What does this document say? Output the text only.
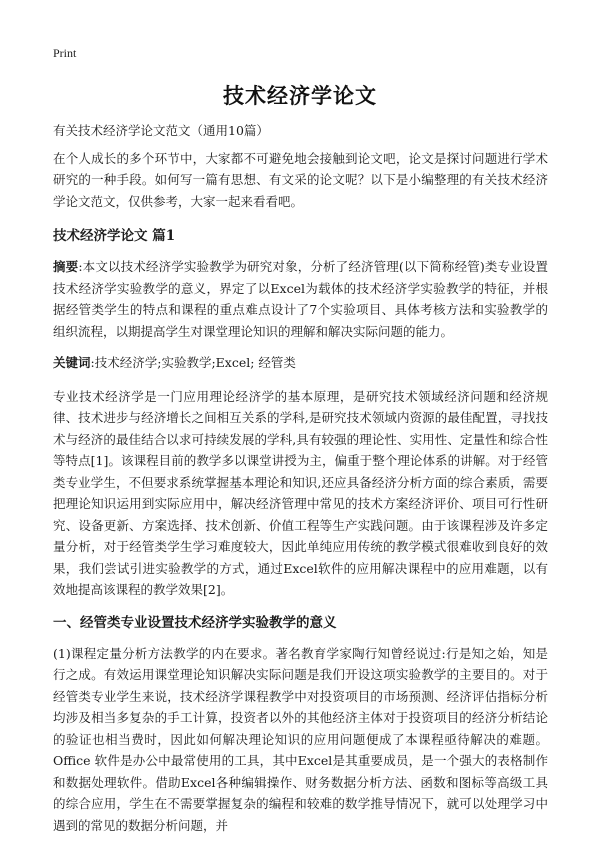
Print
技术经济学论文

有关技术经济学论文范文（通用10篇）

在个人成长的多个环节中，大家都不可避免地会接触到论文吧，论文是探讨问题进行学术研究的一种手段。如何写一篇有思想、有文采的论文呢？以下是小编整理的有关技术经济学论文范文，仅供参考，大家一起来看看吧。

技术经济学论文 篇1

摘要:本文以技术经济学实验教学为研究对象，分析了经济管理(以下简称经管)类专业设置技术经济学实验教学的意义，界定了以Excel为载体的技术经济学实验教学的特征，并根据经管类学生的特点和课程的重点难点设计了7个实验项目、具体考核方法和实验教学的组织流程，以期提高学生对课堂理论知识的理解和解决实际问题的能力。

关键词:技术经济学;实验教学;Excel; 经管类

专业技术经济学是一门应用理论经济学的基本原理，是研究技术领域经济问题和经济规律、技术进步与经济增长之间相互关系的学科,是研究技术领域内资源的最佳配置，寻找技术与经济的最佳结合以求可持续发展的学科,具有较强的理论性、实用性、定量性和综合性等特点[1]。该课程目前的教学多以课堂讲授为主，偏重于整个理论体系的讲解。对于经管类专业学生，不但要求系统掌握基本理论和知识,还应具备经济分析方面的综合素质，需要把理论知识运用到实际应用中，解决经济管理中常见的技术方案经济评价、项目可行性研究、设备更新、方案选择、技术创新、价值工程等生产实践问题。由于该课程涉及许多定量分析，对于经管类学生学习难度较大，因此单纯应用传统的教学模式很难收到良好的效果，我们尝试引进实验教学的方式，通过Excel软件的应用解决课程中的应用难题，以有效地提高该课程的教学效果[2]。

一、经管类专业设置技术经济学实验教学的意义

(1)课程定量分析方法教学的内在要求。著名教育学家陶行知曾经说过:行是知之始，知是行之成。有效运用课堂理论知识解决实际问题是我们开设这项实验教学的主要目的。对于经管类专业学生来说，技术经济学课程教学中对投资项目的市场预测、经济评估指标分析均涉及相当多复杂的手工计算，投资者以外的其他经济主体对于投资项目的经济分析结论的验证也相当费时，因此如何解决理论知识的应用问题便成了本课程亟待解决的难题。Office 软件是办公中最常使用的工具，其中Excel是其重要成员，是一个强大的表格制作和数据处理软件。借助Excel各种编辑操作、财务数据分析方法、函数和图标等高级工具的综合应用，学生在不需要掌握复杂的编程和较难的数学推导情况下，就可以处理学习中遇到的常见的数据分析问题，并
